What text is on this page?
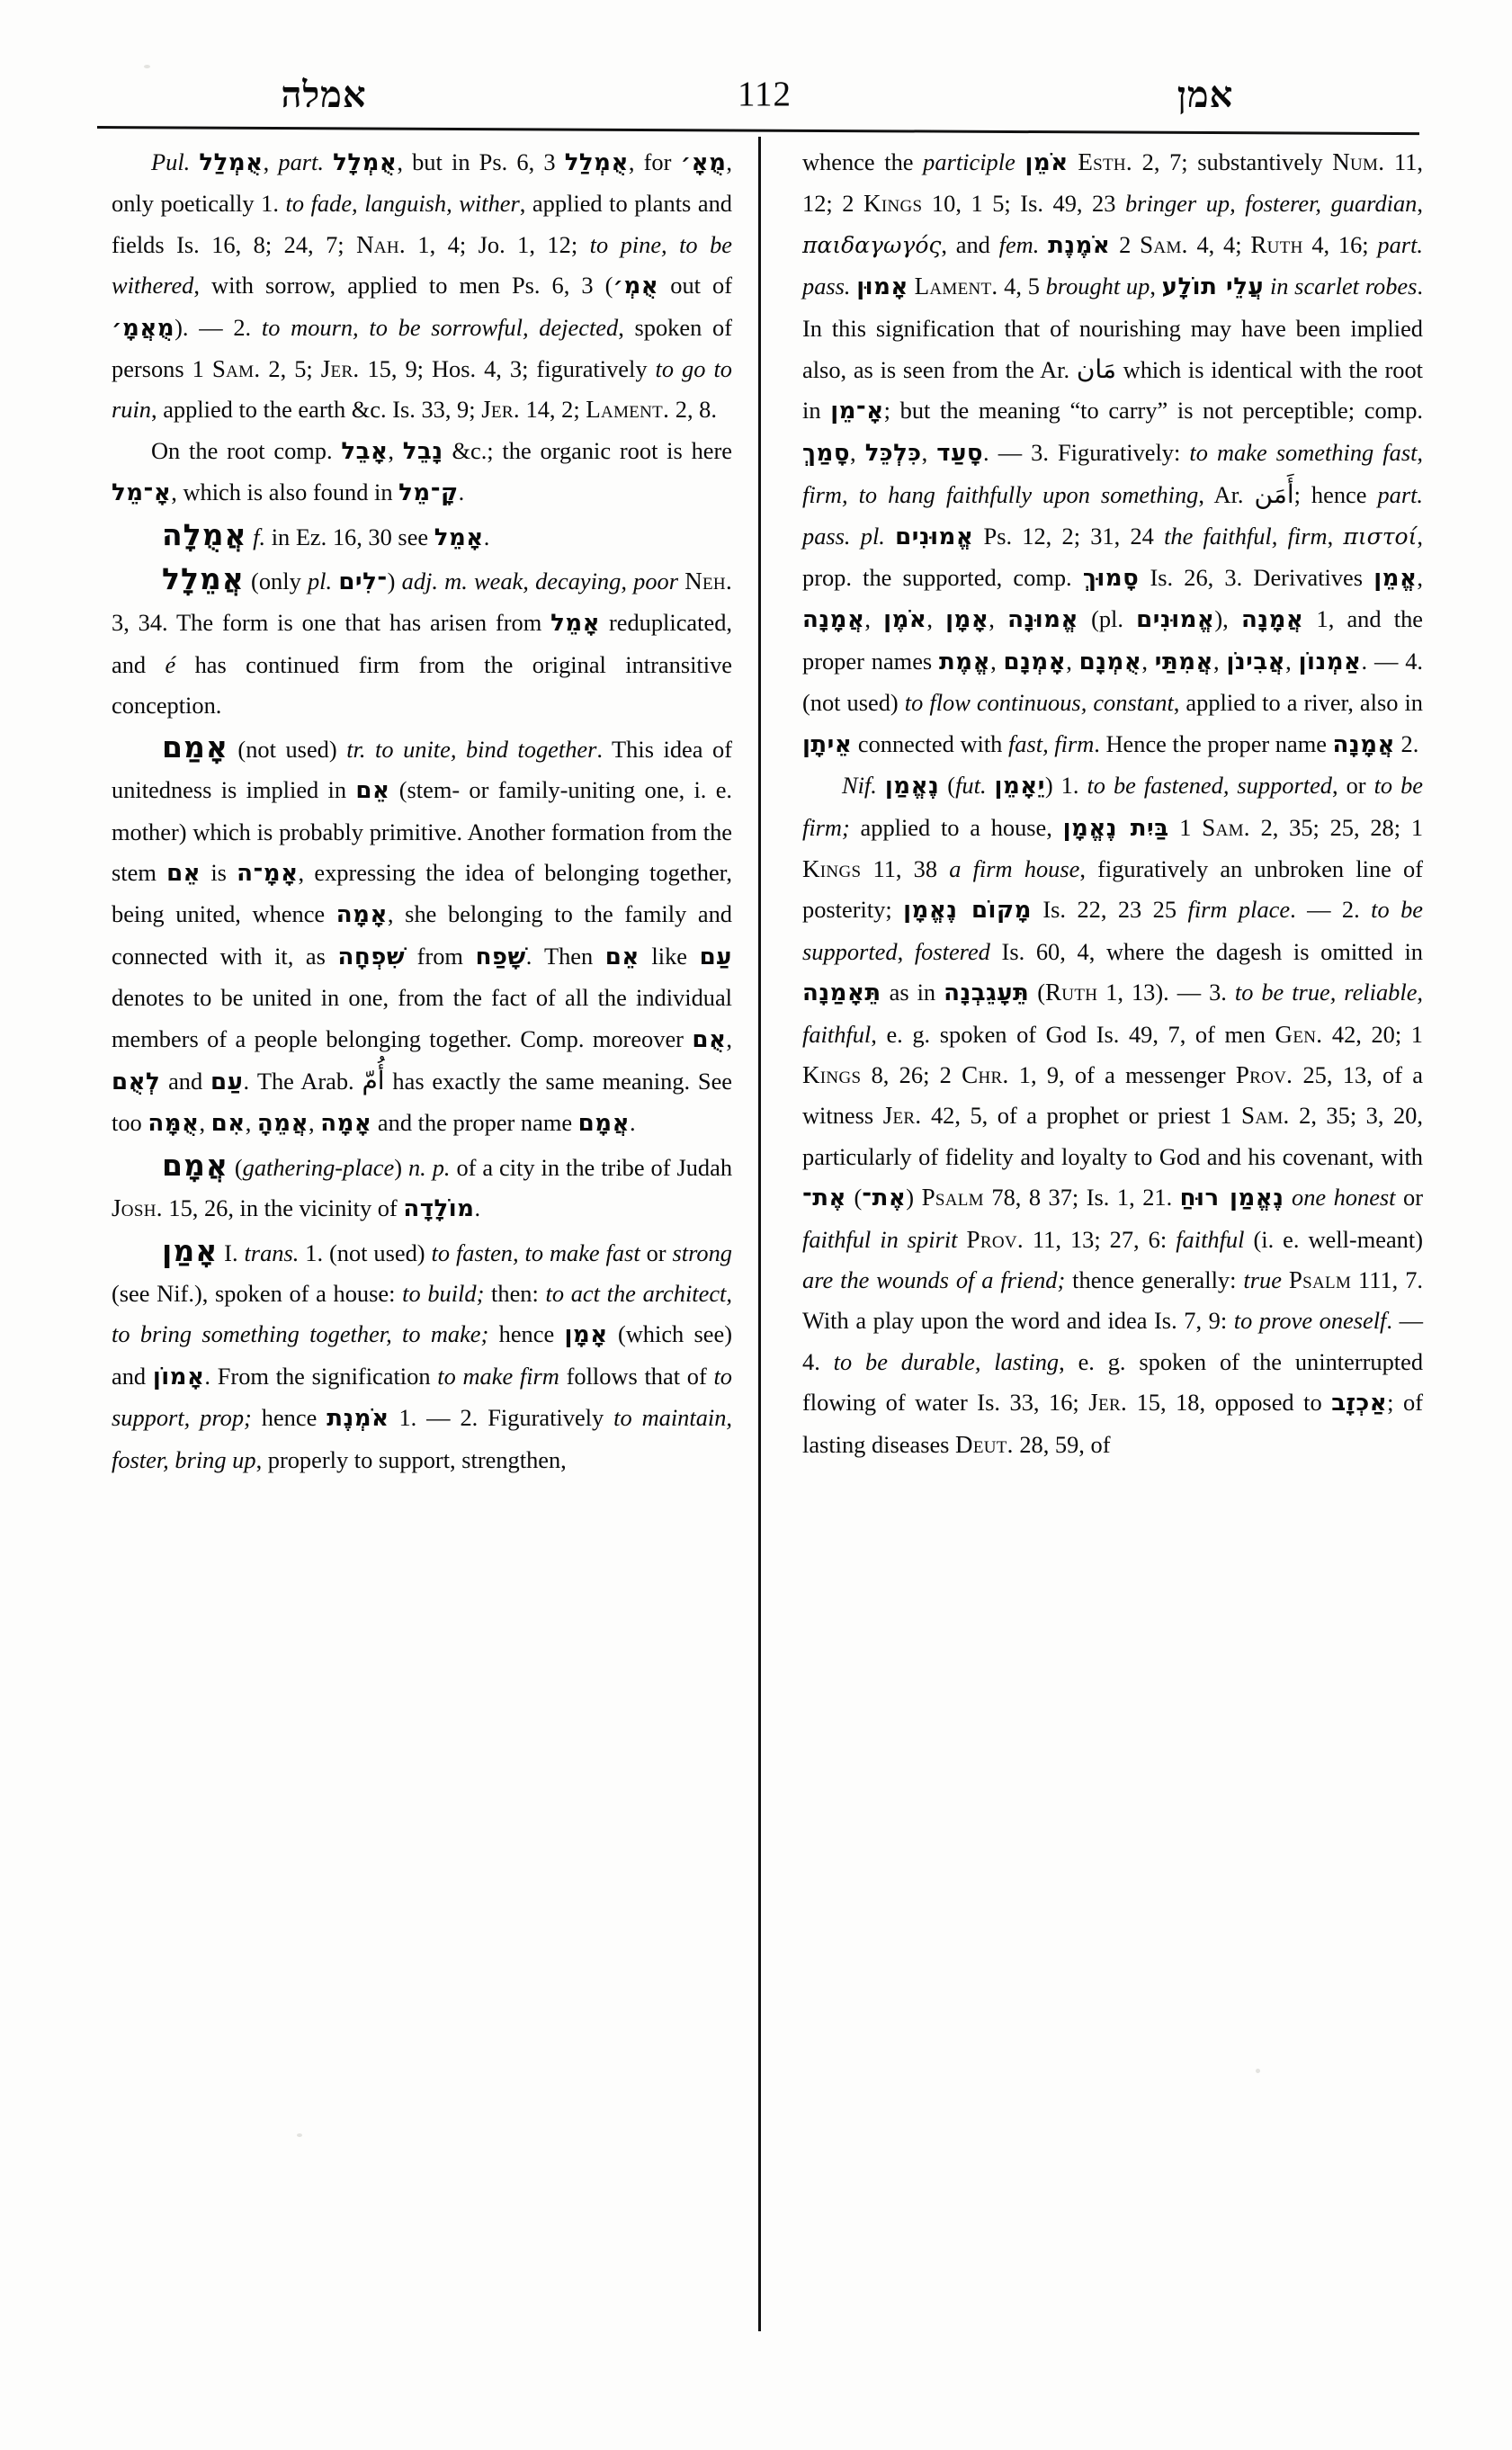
אמלה	112	אמן

Pul. אֻמְלַל, part. אֻמְלָל, but in Ps. 6, 3 אֻמְלַל, for מֻאָ׳, only poetically 1. to fade, languish, wither, applied to plants and fields Is. 16, 8; 24, 7; Nah. 1, 4; Jo. 1, 12; to pine, to be withered, with sorrow, applied to men Ps. 6, 3 (אֻמְ׳ out of מֻאֲמָ׳). — 2. to mourn, to be sorrowful, dejected, spoken of persons 1 Sam. 2, 5; Jer. 15, 9; Hos. 4, 3; figuratively to go to ruin, applied to the earth &c. Is. 33, 9; Jer. 14, 2; Lament. 2, 8.

On the root comp. אָבֵל, נָבֵל &c.; the organic root is here אָ־מֵל, which is also found in קָ־מֵל.

אֲמֻלָה f. in Ez. 16, 30 see אָמֵל.

אֲמֵלָל (only pl. ־לִים) adj. m. weak, decaying, poor Neh. 3, 34. The form is one that has arisen from אָמֵל reduplicated, and é has continued firm from the original intransitive conception.

אָמַם (not used) tr. to unite, bind together. This idea of unitedness is implied in אֵם (stem- or family-uniting one, i. e. mother) which is probably primitive. Another formation from the stem אֵם is אָמָ־ה, expressing the idea of belonging together, being united, whence אָמָה, she belonging to the family and connected with it, as שִׁפְחָה from שָׁפַח. Then אֵם like עַם denotes to be united in one, from the fact of all the individual members of a people belonging together. Comp. moreover אֻם, לְאֻם and עַם. The Arab. أُمّ has exactly the same meaning. See too אֻמָּה, אִם, אֲמֵהָ, אָמָה and the proper name אֲמָם.

אֲמָם (gathering-place) n. p. of a city in the tribe of Judah Josh. 15, 26, in the vicinity of מוֹלָדָה.

אָמַן I. trans. 1. (not used) to fasten, to make fast or strong (see Nif.), spoken of a house: to build; then: to act the architect, to bring something together, to make; hence אָמָן (which see) and אָמוֹן. From the signification to make firm follows that of to support, prop; hence אֹמְנֶת 1. — 2. Figuratively to maintain, foster, bring up, properly to support, strengthen,

whence the participle אֹמֵן Esth. 2, 7; substantively Num. 11, 12; 2 Kings 10, 1 5; Is. 49, 23 bringer up, fosterer, guardian, παιδαγωγός, and fem. אֹמֶנֶת 2 Sam. 4, 4; Ruth 4, 16; part. pass. אָמוּן Lament. 4, 5 brought up, עֲלֵי תוֹלָע in scarlet robes. In this signification that of nourishing may have been implied also, as is seen from the Ar. مَان which is identical with the root in אָ־מֵן; but the meaning “to carry” is not perceptible; comp. סָמַךְ, כִּלְכֵּל, סָעַד. — 3. Figuratively: to make something fast, firm, to hang faithfully upon something, Ar. أَمَن; hence part. pass. pl. אֱמוּנִים Ps. 12, 2; 31, 24 the faithful, firm, πιστοί, prop. the supported, comp. סָמוּךְ Is. 26, 3. Derivatives אֱמֵן, אֲמָנָה, אֹמֶן, אָמָן, אֱמוּנָה (pl. אֱמוּנִים), אֲמָנָה 1, and the proper names אֱמֶת, אָמְנָם, אֻמְנָם, אֲמִתַּי, אֲבִינֹן, אַמְנוֹן. — 4. (not used) to flow continuous, constant, applied to a river, also in אֵיתָן connected with fast, firm. Hence the proper name אֲמָנָה 2.

Nif. נֶאֱמַן (fut. יֵאָמֵן) 1. to be fastened, supported, or to be firm; applied to a house, בַּיִת נֶאֱמָן 1 Sam. 2, 35; 25, 28; 1 Kings 11, 38 a firm house, figuratively an unbroken line of posterity; מָקוֹם נֶאֱמָן Is. 22, 23 25 firm place. — 2. to be supported, fostered Is. 60, 4, where the dagesh is omitted in תֵּאָמַנָה as in תֵּעָגֵבְנָה (Ruth 1, 13). — 3. to be true, reliable, faithful, e. g. spoken of God Is. 49, 7, of men Gen. 42, 20; 1 Kings 8, 26; 2 Chr. 1, 9, of a messenger Prov. 25, 13, of a witness Jer. 42, 5, of a prophet or priest 1 Sam. 2, 35; 3, 20, particularly of fidelity and loyalty to God and his covenant, with אֶת־ (אֶת־) Psalm 78, 8 37; Is. 1, 21. נֶאֱמַן רוּחַ one honest or faithful in spirit Prov. 11, 13; 27, 6: faithful (i. e. well-meant) are the wounds of a friend; thence generally: true Psalm 111, 7. With a play upon the word and idea Is. 7, 9: to prove oneself. — 4. to be durable, lasting, e. g. spoken of the uninterrupted flowing of water Is. 33, 16; Jer. 15, 18, opposed to אַכְזָב; of lasting diseases Deut. 28, 59, of
